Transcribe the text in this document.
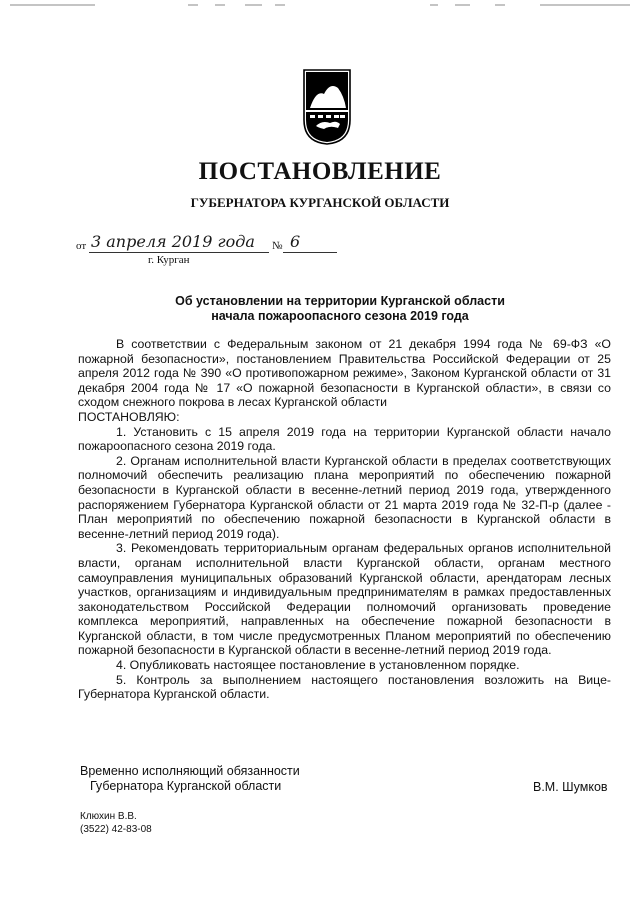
ПОСТАНОВЛЕНИЕ
ГУБЕРНАТОРА КУРГАНСКОЙ ОБЛАСТИ
от 3 апреля 2019 года № 6
г. Курган
Об установлении на территории Курганской области
начала пожароопасного сезона 2019 года

В соответствии с Федеральным законом от 21 декабря 1994 года № 69-ФЗ «О пожарной безопасности», постановлением Правительства Российской Федерации от 25 апреля 2012 года № 390 «О противопожарном режиме», Законом Курганской области от 31 декабря 2004 года № 17 «О пожарной безопасности в Курганской области», в связи со сходом снежного покрова в лесах Курганской области

ПОСТАНОВЛЯЮ:

1. Установить с 15 апреля 2019 года на территории Курганской области начало пожароопасного сезона 2019 года.

2. Органам исполнительной власти Курганской области в пределах соответствующих полномочий обеспечить реализацию плана мероприятий по обеспечению пожарной безопасности в Курганской области в весенне-летний период 2019 года, утвержденного распоряжением Губернатора Курганской области от 21 марта 2019 года № 32-П-р (далее - План мероприятий по обеспечению пожарной безопасности в Курганской области в весенне-летний период 2019 года).

3. Рекомендовать территориальным органам федеральных органов исполнительной власти, органам исполнительной власти Курганской области, органам местного самоуправления муниципальных образований Курганской области, арендаторам лесных участков, организациям и индивидуальным предпринимателям в рамках предоставленных законодательством Российской Федерации полномочий организовать проведение комплекса мероприятий, направленных на обеспечение пожарной безопасности в Курганской области, в том числе предусмотренных Планом мероприятий по обеспечению пожарной безопасности в Курганской области в весенне-летний период 2019 года.

4. Опубликовать настоящее постановление в установленном порядке.

5. Контроль за выполнением настоящего постановления возложить на Вице-Губернатора Курганской области.

Временно исполняющий обязанности
Губернатора Курганской области	В.М. Шумков
Клюхин В.В.
(3522) 42-83-08
